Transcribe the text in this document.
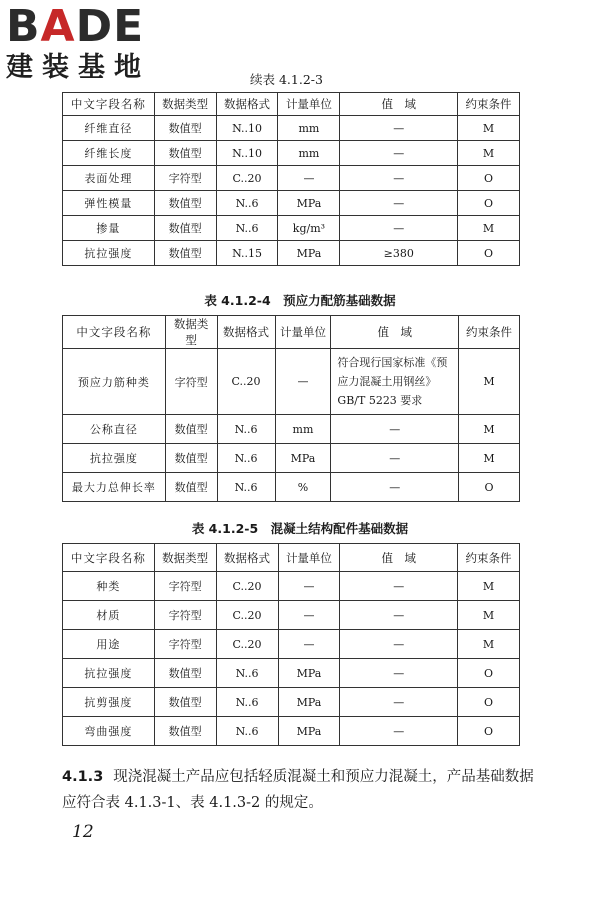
BADE
建装基地	续表 4.1.2-3
中文字段名称	数据类型	数据格式	计量单位	值　域	约束条件
纤维直径	数值型	N..10	mm	—	M
纤维长度	数值型	N..10	mm	—	M
表面处理	字符型	C..20	—	—	O
弹性模量	数值型	N..6	MPa	—	O
掺量	数值型	N..6	kg/m³	—	M
抗拉强度	数值型	N..15	MPa	≥380	O
表 4.1.2-4　预应力配筋基础数据
中文字段名称	数据类型	数据格式	计量单位	值　域	约束条件
预应力筋种类	字符型	C..20	—	符合现行国家标准《预应力混凝土用钢丝》GB/T 5223 要求	M
公称直径	数值型	N..6	mm	—	M
抗拉强度	数值型	N..6	MPa	—	M
最大力总伸长率	数值型	N..6	%	—	O
表 4.1.2-5　混凝土结构配件基础数据
中文字段名称	数据类型	数据格式	计量单位	值　域	约束条件
种类	字符型	C..20	—	—	M
材质	字符型	C..20	—	—	M
用途	字符型	C..20	—	—	M
抗拉强度	数值型	N..6	MPa	—	O
抗剪强度	数值型	N..6	MPa	—	O
弯曲强度	数值型	N..6	MPa	—	O
4.1.3 现浇混凝土产品应包括轻质混凝土和预应力混凝土，产品基础数据应符合表 4.1.3-1、表 4.1.3-2 的规定。
12
